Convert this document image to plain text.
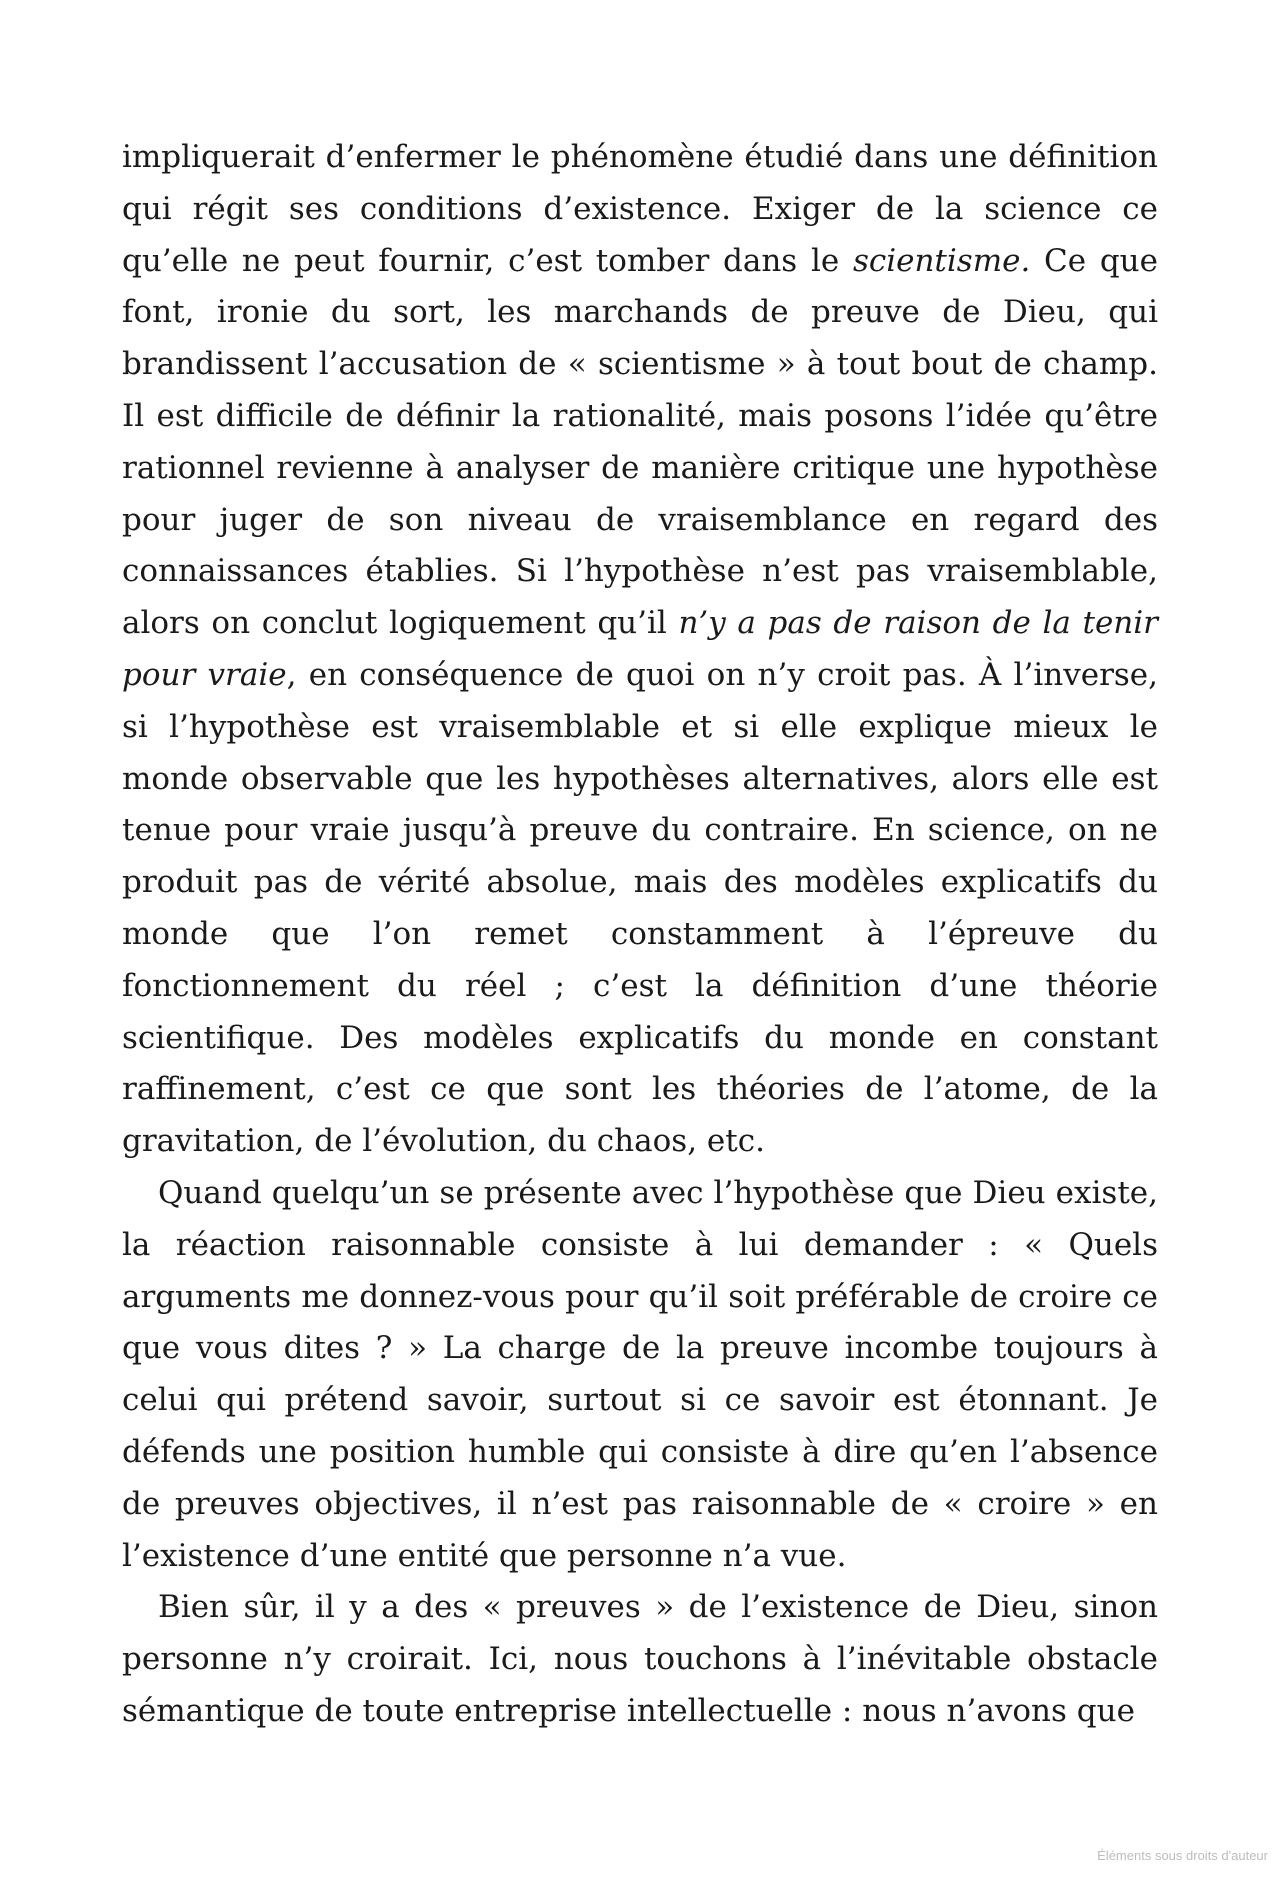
impliquerait d’enfermer le phénomène étudié dans une définition qui régit ses conditions d’existence. Exiger de la science ce qu’elle ne peut fournir, c’est tomber dans le scientisme. Ce que font, ironie du sort, les marchands de preuve de Dieu, qui brandissent l’accusation de « scientisme » à tout bout de champ. Il est difficile de définir la rationalité, mais posons l’idée qu’être rationnel revienne à analyser de manière critique une hypothèse pour juger de son niveau de vraisemblance en regard des connaissances établies. Si l’hypothèse n’est pas vraisemblable, alors on conclut logiquement qu’il n’y a pas de raison de la tenir pour vraie, en conséquence de quoi on n’y croit pas. À l’inverse, si l’hypothèse est vraisemblable et si elle explique mieux le monde observable que les hypothèses alternatives, alors elle est tenue pour vraie jusqu’à preuve du contraire. En science, on ne produit pas de vérité absolue, mais des modèles explicatifs du monde que l’on remet constamment à l’épreuve du fonctionnement du réel ; c’est la définition d’une théorie scientifique. Des modèles explicatifs du monde en constant raffinement, c’est ce que sont les théories de l’atome, de la gravitation, de l’évolution, du chaos, etc.

Quand quelqu’un se présente avec l’hypothèse que Dieu existe, la réaction raisonnable consiste à lui demander : « Quels arguments me donnez-vous pour qu’il soit préférable de croire ce que vous dites ? » La charge de la preuve incombe toujours à celui qui prétend savoir, surtout si ce savoir est étonnant. Je défends une position humble qui consiste à dire qu’en l’absence de preuves objectives, il n’est pas raisonnable de « croire » en l’existence d’une entité que personne n’a vue.

Bien sûr, il y a des « preuves » de l’existence de Dieu, sinon personne n’y croirait. Ici, nous touchons à l’inévitable obstacle sémantique de toute entreprise intellectuelle : nous n’avons que

Éléments sous droits d'auteur
